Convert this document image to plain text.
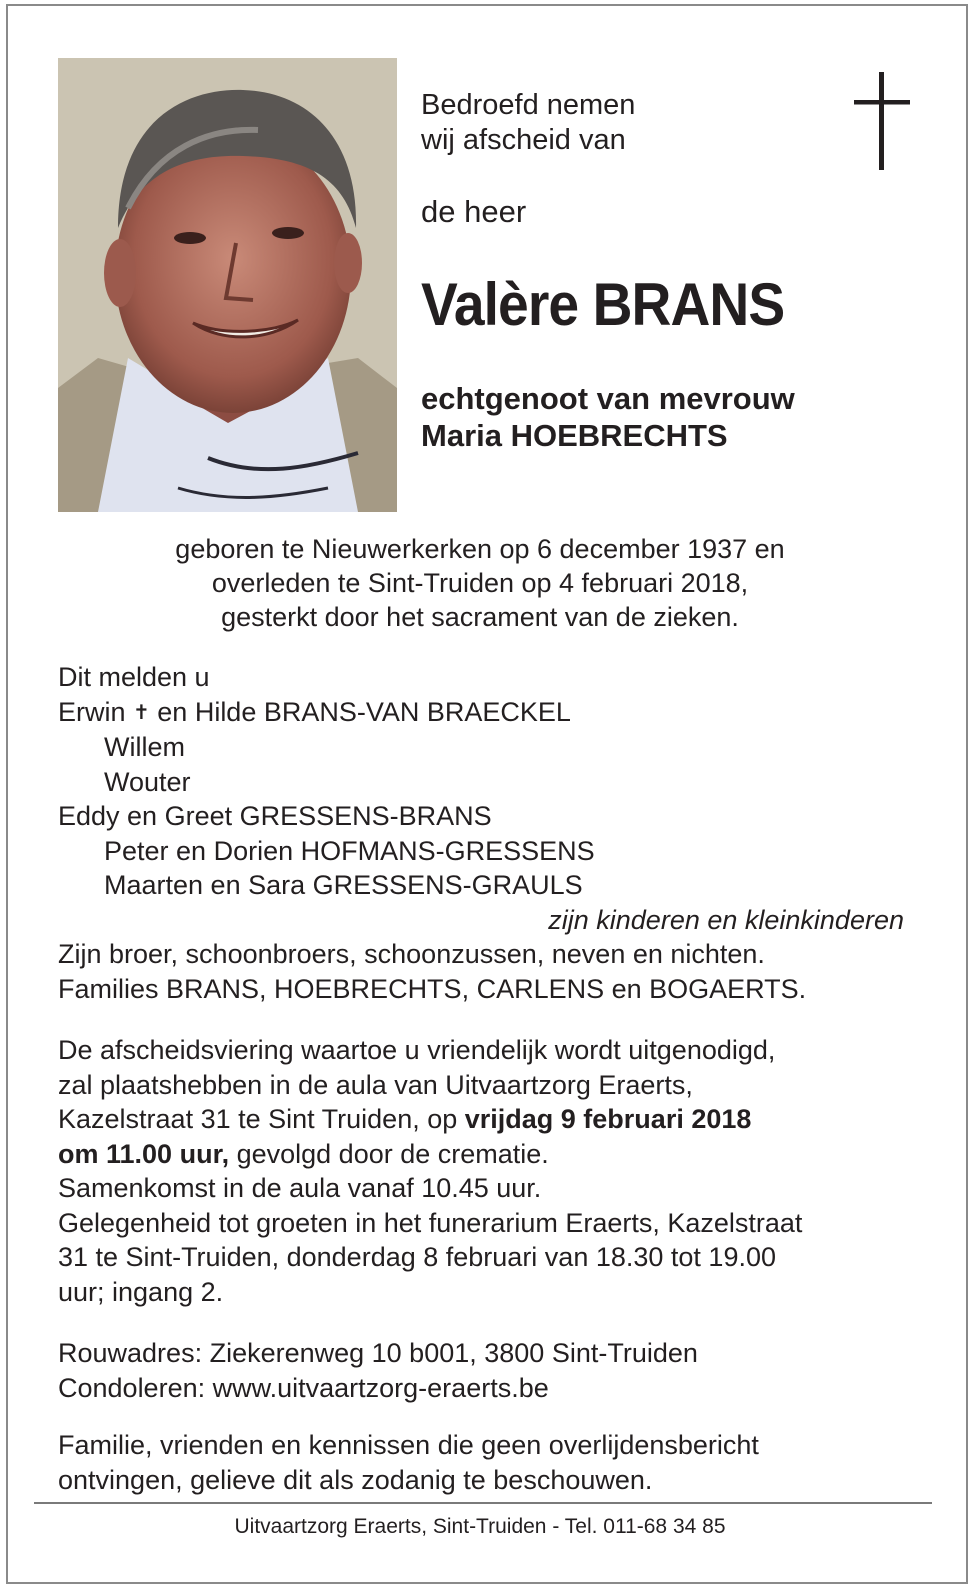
Bedroefd nemen
wij afscheid van
de heer
Valère BRANS
echtgenoot van mevrouw
Maria HOEBRECHTS
geboren te Nieuwerkerken op 6 december 1937 en
overleden te Sint-Truiden op 4 februari 2018,
gesterkt door het sacrament van de zieken.
Dit melden u
Erwin ✝ en Hilde BRANS-VAN BRAECKEL
Willem
Wouter
Eddy en Greet GRESSENS-BRANS
Peter en Dorien HOFMANS-GRESSENS
Maarten en Sara GRESSENS-GRAULS
zijn kinderen en kleinkinderen
Zijn broer, schoonbroers, schoonzussen, neven en nichten.
Families BRANS, HOEBRECHTS, CARLENS en BOGAERTS.
De afscheidsviering waartoe u vriendelijk wordt uitgenodigd,
zal plaatshebben in de aula van Uitvaartzorg Eraerts,
Kazelstraat 31 te Sint Truiden, op vrijdag 9 februari 2018
om 11.00 uur, gevolgd door de crematie.
Samenkomst in de aula vanaf 10.45 uur.
Gelegenheid tot groeten in het funerarium Eraerts, Kazelstraat
31 te Sint-Truiden, donderdag 8 februari van 18.30 tot 19.00
uur; ingang 2.
Rouwadres: Ziekerenweg 10 b001, 3800 Sint-Truiden
Condoleren: www.uitvaartzorg-eraerts.be
Familie, vrienden en kennissen die geen overlijdensbericht
ontvingen, gelieve dit als zodanig te beschouwen.
Uitvaartzorg Eraerts, Sint-Truiden - Tel. 011-68 34 85
